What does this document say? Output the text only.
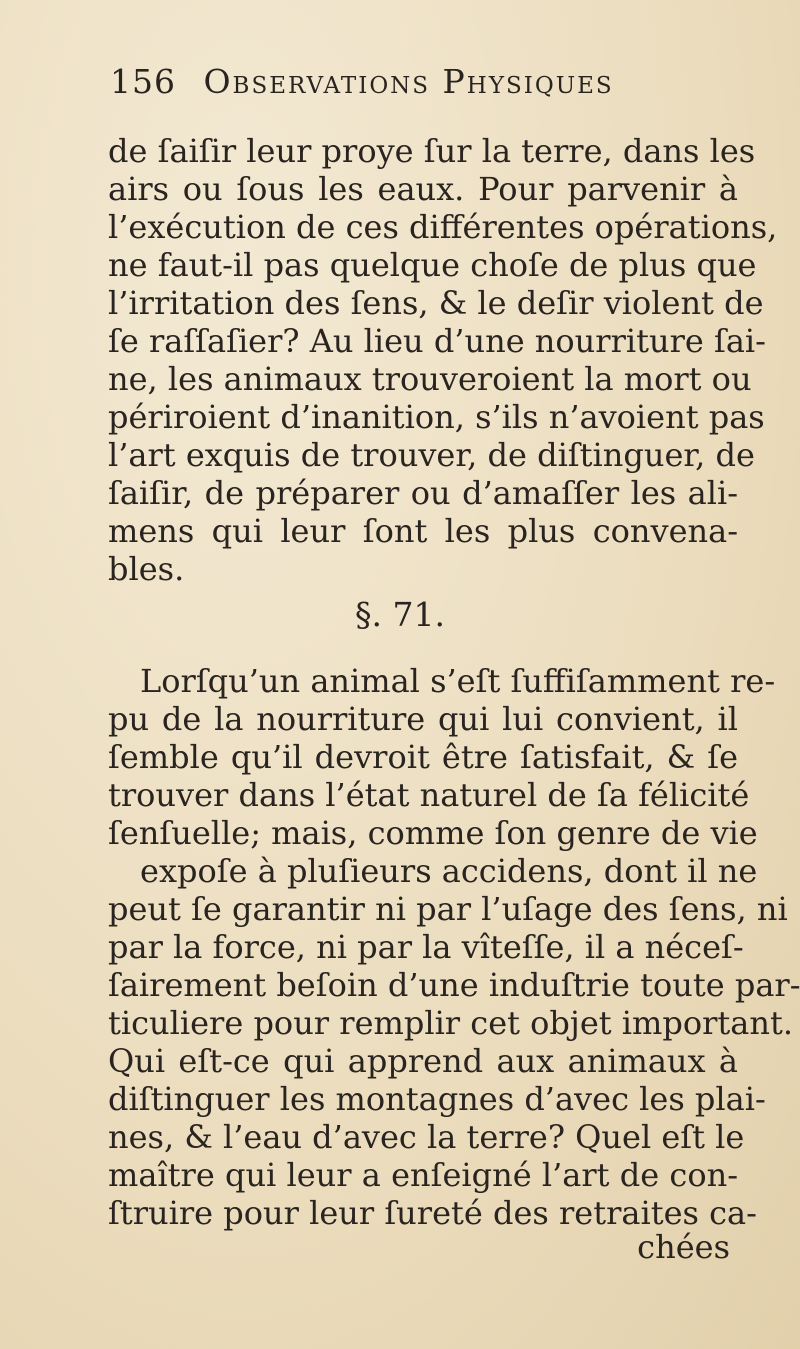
156 Observations Physiques
de ſaiſir leur proye ſur la terre, dans les
airs ou ſous les eaux. Pour parvenir à
l’exécution de ces différentes opérations,
ne faut-il pas quelque choſe de plus que
l’irritation des ſens, & le deſir violent de
ſe raſſaſier? Au lieu d’une nourriture ſai-
ne, les animaux trouveroient la mort ou
périroient d’inanition, s’ils n’avoient pas
l’art exquis de trouver, de diſtinguer, de
ſaiſir, de préparer ou d’amaſſer les ali-
mens qui leur ſont les plus convena-
bles.
§. 71.
Lorſqu’un animal s’eſt ſuffiſamment re-
pu de la nourriture qui lui convient, il
ſemble qu’il devroit être ſatisfait, & ſe
trouver dans l’état naturel de ſa félicité
ſenſuelle; mais, comme ſon genre de vie
expoſe à pluſieurs accidens, dont il ne
peut ſe garantir ni par l’uſage des ſens, ni
par la force, ni par la vîteſſe, il a néceſ-
ſairement beſoin d’une induſtrie toute par-
ticuliere pour remplir cet objet important.
Qui eſt-ce qui apprend aux animaux à
diſtinguer les montagnes d’avec les plai-
nes, & l’eau d’avec la terre? Quel eſt le
maître qui leur a enſeigné l’art de con-
ſtruire pour leur ſureté des retraites ca-
chées
